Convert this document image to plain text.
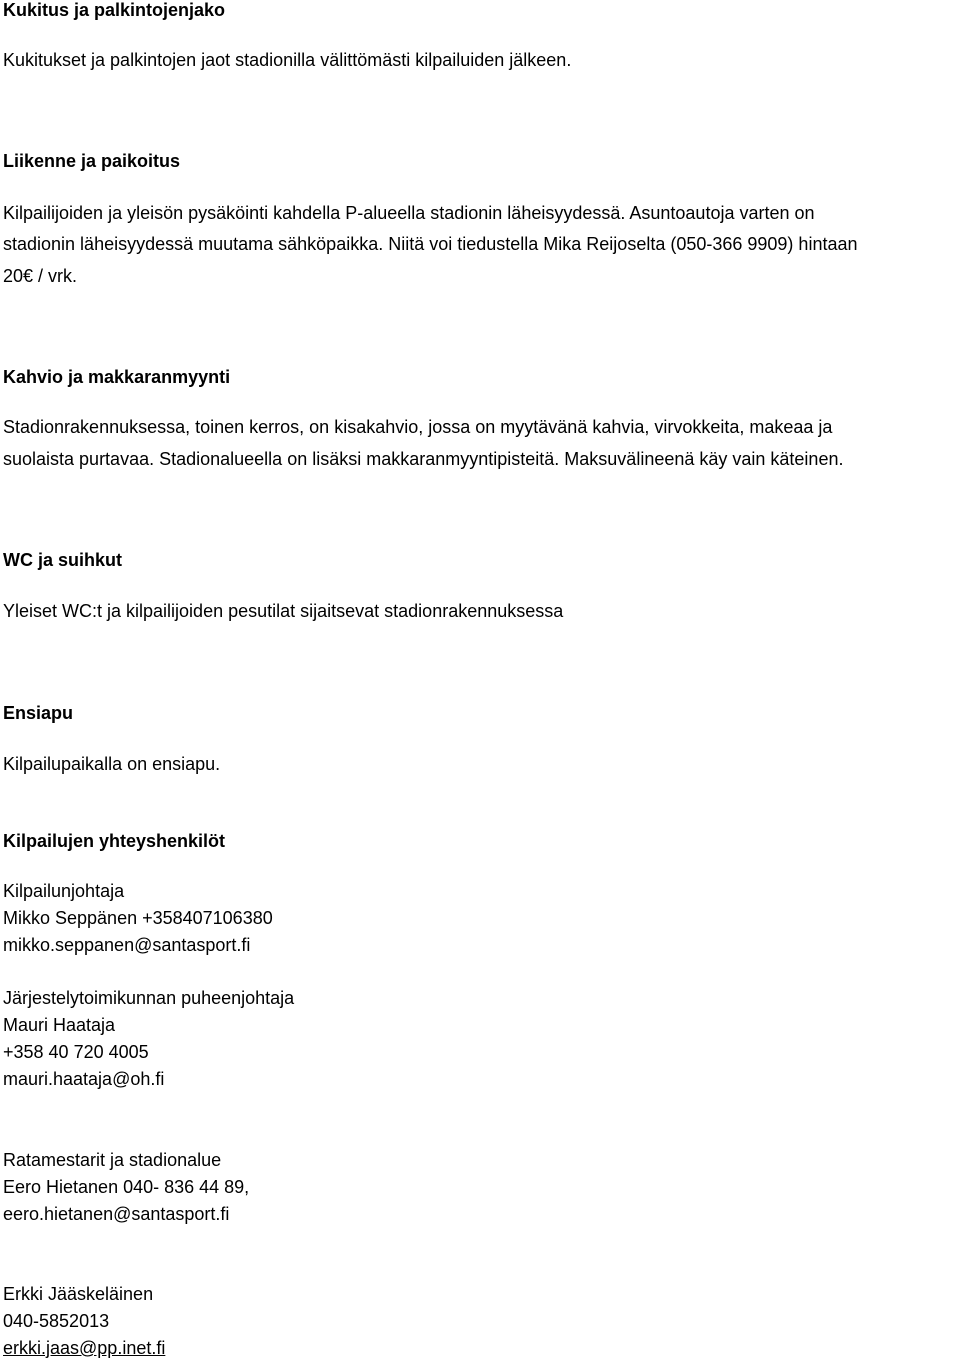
Kukitus ja palkintojenjako

Kukitukset ja palkintojen jaot stadionilla välittömästi kilpailuiden jälkeen.

Liikenne ja paikoitus

Kilpailijoiden ja yleisön pysäköinti kahdella P-alueella stadionin läheisyydessä. Asuntoautoja varten on

stadionin läheisyydessä muutama sähköpaikka. Niitä voi tiedustella Mika Reijoselta (050-366 9909) hintaan

20€ / vrk.

Kahvio ja makkaranmyynti

Stadionrakennuksessa, toinen kerros, on kisakahvio, jossa on myytävänä kahvia, virvokkeita, makeaa ja

suolaista purtavaa. Stadionalueella on lisäksi makkaranmyyntipisteitä. Maksuvälineenä käy vain käteinen.

WC ja suihkut

Yleiset WC:t ja kilpailijoiden pesutilat sijaitsevat stadionrakennuksessa

Ensiapu

Kilpailupaikalla on ensiapu.

Kilpailujen yhteyshenkilöt

Kilpailunjohtaja

Mikko Seppänen +358407106380

mikko.seppanen@santasport.fi

Järjestelytoimikunnan puheenjohtaja

Mauri Haataja

+358 40 720 4005

mauri.haataja@oh.fi

Ratamestarit ja stadionalue

Eero Hietanen 040- 836 44 89,

eero.hietanen@santasport.fi

Erkki Jääskeläinen

040-5852013

erkki.jaas@pp.inet.fi
